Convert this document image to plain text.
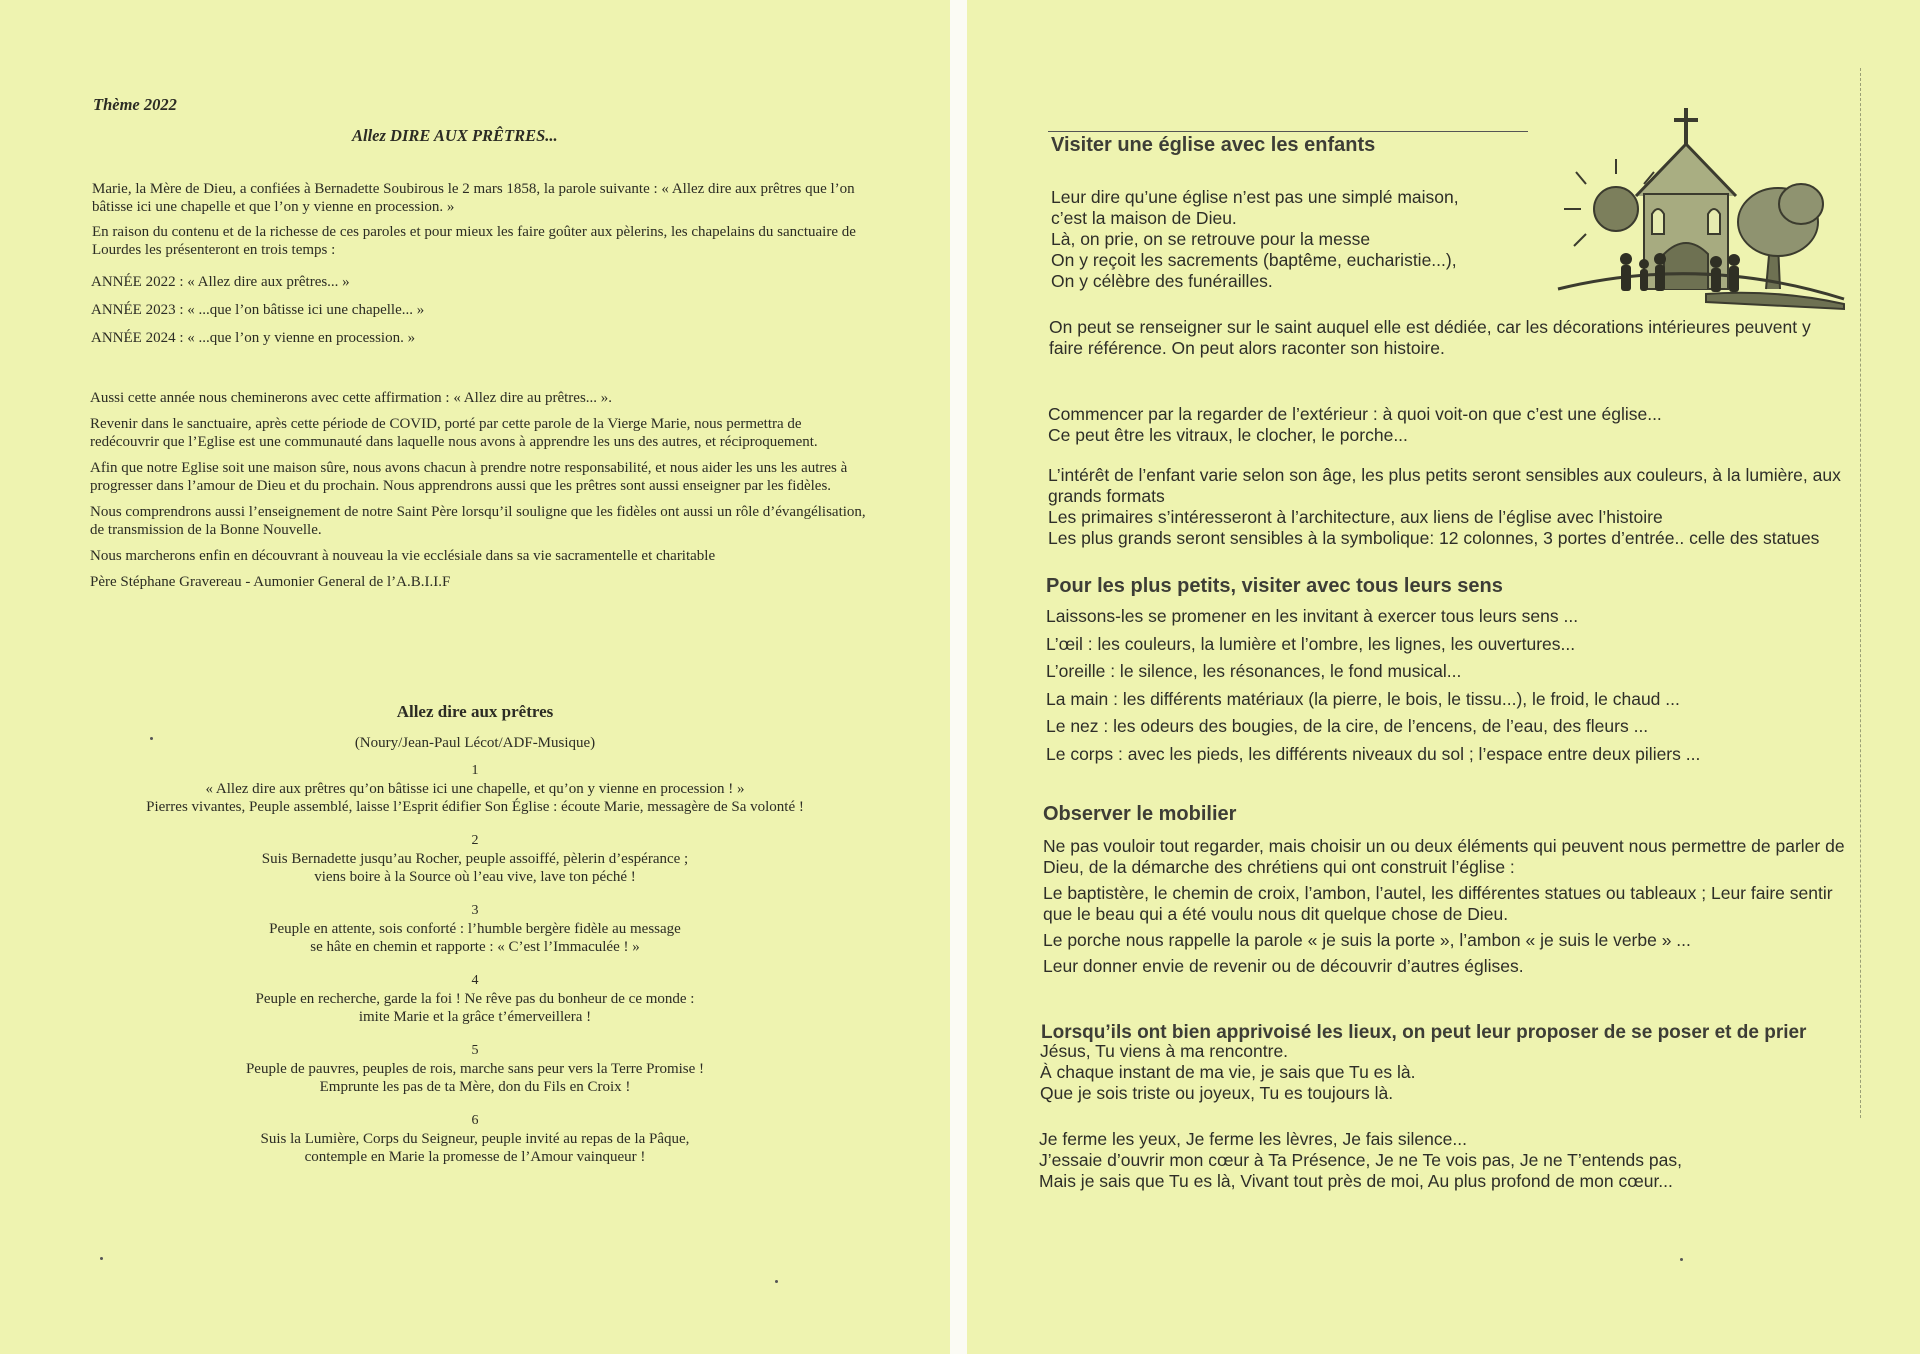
Thème 2022
Allez DIRE AUX PRÊTRES...

Marie, la Mère de Dieu, a confiées à Bernadette Soubirous le 2 mars 1858, la parole suivante : « Allez dire aux prêtres que l’on bâtisse ici une chapelle et que l’on y vienne en procession. »

En raison du contenu et de la richesse de ces paroles et pour mieux les faire goûter aux pèlerins, les chapelains du sanctuaire de Lourdes les présenteront en trois temps :

ANNÉE 2022 : « Allez dire aux prêtres... »

ANNÉE 2023 : « ...que l’on bâtisse ici une chapelle... »

ANNÉE 2024 : « ...que l’on y vienne en procession. »

Aussi cette année nous cheminerons avec cette affirmation : « Allez dire au prêtres... ».

Revenir dans le sanctuaire, après cette période de COVID, porté par cette parole de la Vierge Marie, nous permettra de redécouvrir que l’Eglise est une communauté dans laquelle nous avons à apprendre les uns des autres, et réciproquement.

Afin que notre Eglise soit une maison sûre, nous avons chacun à prendre notre responsabilité, et nous aider les uns les autres à progresser dans l’amour de Dieu et du prochain. Nous apprendrons aussi que les prêtres sont aussi enseigner par les fidèles.

Nous comprendrons aussi l’enseignement de notre Saint Père lorsqu’il souligne que les fidèles ont aussi un rôle d’évangélisation, de transmission de la Bonne Nouvelle.

Nous marcherons enfin en découvrant à nouveau la vie ecclésiale dans sa vie sacramentelle et charitable

Père Stéphane Gravereau - Aumonier General de l’A.B.I.I.F

Allez dire aux prêtres
(Noury/Jean-Paul Lécot/ADF-Musique)
1

« Allez dire aux prêtres qu’on bâtisse ici une chapelle, et qu’on y vienne en procession ! »

Pierres vivantes, Peuple assemblé, laisse l’Esprit édifier Son Église : écoute Marie, messagère de Sa volonté !

2

Suis Bernadette jusqu’au Rocher, peuple assoiffé, pèlerin d’espérance ;

viens boire à la Source où l’eau vive, lave ton péché !

3

Peuple en attente, sois conforté : l’humble bergère fidèle au message

se hâte en chemin et rapporte : « C’est l’Immaculée ! »

4

Peuple en recherche, garde la foi ! Ne rêve pas du bonheur de ce monde :

imite Marie et la grâce t’émerveillera !

5

Peuple de pauvres, peuples de rois, marche sans peur vers la Terre Promise !

Emprunte les pas de ta Mère, don du Fils en Croix !

6

Suis la Lumière, Corps du Seigneur, peuple invité au repas de la Pâque,

contemple en Marie la promesse de l’Amour vainqueur !

Visiter une église avec les enfants

Leur dire qu’une église n’est pas une simplé maison,

c’est la maison de Dieu.

Là, on prie, on se retrouve pour la messe

On y reçoit les sacrements (baptême, eucharistie...),

On y célèbre des funérailles.

On peut se renseigner sur le saint auquel elle est dédiée, car les décorations intérieures peuvent y faire référence. On peut alors raconter son histoire.

Commencer par la regarder de l’extérieur : à quoi voit-on que c’est une église...

Ce peut être les vitraux, le clocher, le porche...

L’intérêt de l’enfant varie selon son âge, les plus petits seront sensibles aux couleurs, à la lumière, aux grands formats

Les primaires s’intéresseront à l’architecture, aux liens de l’église avec l’histoire

Les plus grands seront sensibles à la symbolique: 12 colonnes, 3 portes d’entrée.. celle des statues

Pour les plus petits, visiter avec tous leurs sens

Laissons-les se promener en les invitant à exercer tous leurs sens ...

L’œil : les couleurs, la lumière et l’ombre, les lignes, les ouvertures...

L’oreille : le silence, les résonances, le fond musical...

La main : les différents matériaux (la pierre, le bois, le tissu...), le froid, le chaud ...

Le nez : les odeurs des bougies, de la cire, de l’encens, de l’eau, des fleurs ...

Le corps : avec les pieds, les différents niveaux du sol ; l’espace entre deux piliers ...

Observer le mobilier

Ne pas vouloir tout regarder, mais choisir un ou deux éléments qui peuvent nous permettre de parler de Dieu, de la démarche des chrétiens qui ont construit l’église :

Le baptistère, le chemin de croix, l’ambon, l’autel, les différentes statues ou tableaux ; Leur faire sentir que le beau qui a été voulu nous dit quelque chose de Dieu.

Le porche nous rappelle la parole « je suis la porte », l’ambon « je suis le verbe » ...

Leur donner envie de revenir ou de découvrir d’autres églises.

Lorsqu’ils ont bien apprivoisé les lieux, on peut leur proposer de se poser et de prier

Jésus, Tu viens à ma rencontre.

À chaque instant de ma vie, je sais que Tu es là.

Que je sois triste ou joyeux, Tu es toujours là.

Je ferme les yeux, Je ferme les lèvres, Je fais silence...

J’essaie d’ouvrir mon cœur à Ta Présence, Je ne Te vois pas, Je ne T’entends pas,

Mais je sais que Tu es là, Vivant tout près de moi, Au plus profond de mon cœur...
